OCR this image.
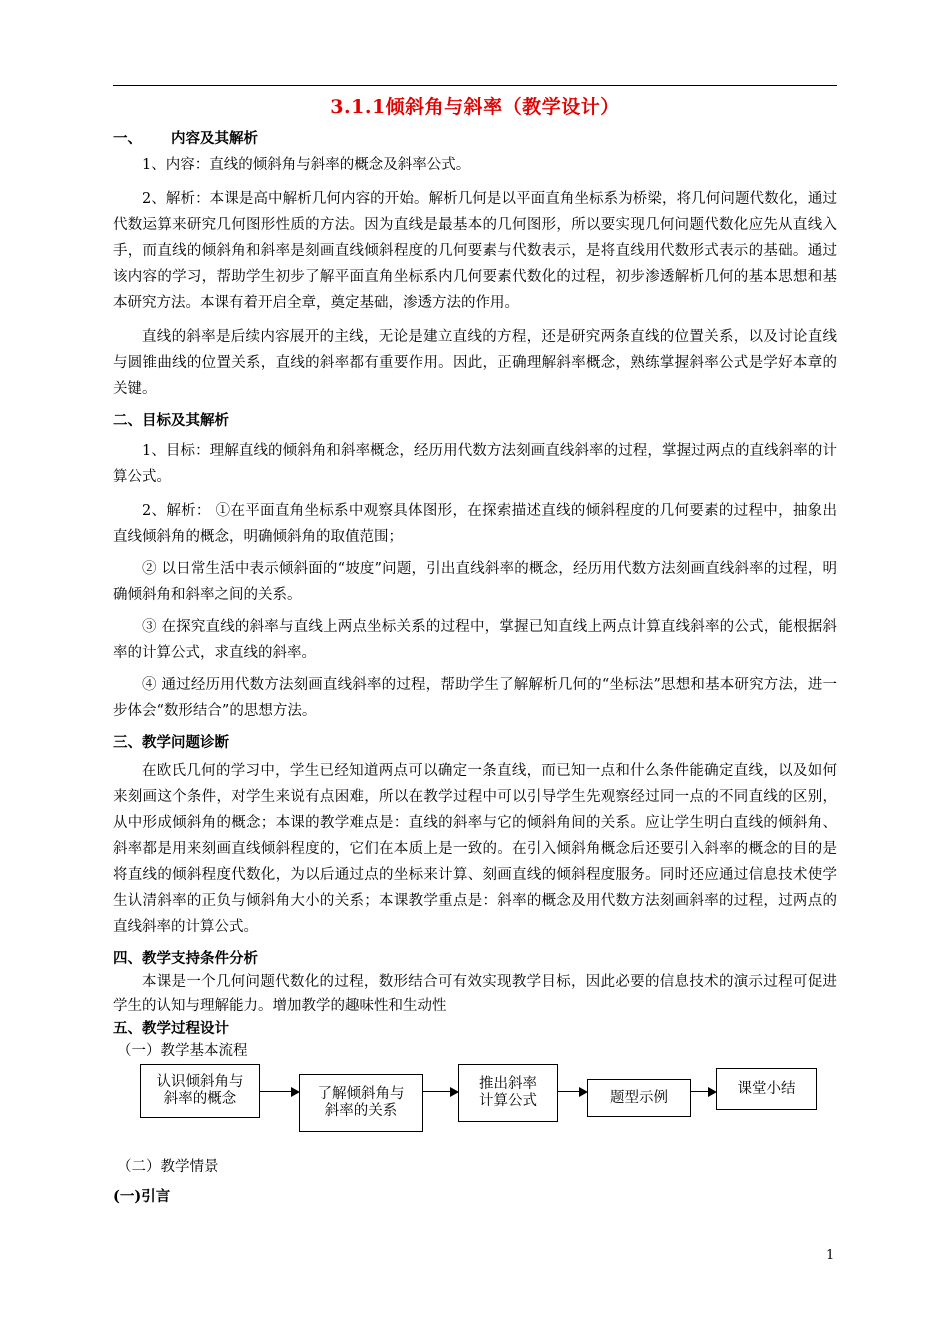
3.1.1倾斜角与斜率（教学设计）
一、	内容及其解析

1、内容：直线的倾斜角与斜率的概念及斜率公式。

2、解析：本课是高中解析几何内容的开始。解析几何是以平面直角坐标系为桥梁，将几何问题代数化，通过代数运算来研究几何图形性质的方法。因为直线是最基本的几何图形，所以要实现几何问题代数化应先从直线入手，而直线的倾斜角和斜率是刻画直线倾斜程度的几何要素与代数表示，是将直线用代数形式表示的基础。通过该内容的学习，帮助学生初步了解平面直角坐标系内几何要素代数化的过程，初步渗透解析几何的基本思想和基本研究方法。本课有着开启全章，奠定基础，渗透方法的作用。

直线的斜率是后续内容展开的主线，无论是建立直线的方程，还是研究两条直线的位置关系，以及讨论直线与圆锥曲线的位置关系，直线的斜率都有重要作用。因此，正确理解斜率概念，熟练掌握斜率公式是学好本章的关键。

二、目标及其解析

1、目标：理解直线的倾斜角和斜率概念，经历用代数方法刻画直线斜率的过程，掌握过两点的直线斜率的计算公式。

2、解析： ①在平面直角坐标系中观察具体图形，在探索描述直线的倾斜程度的几何要素的过程中，抽象出直线倾斜角的概念，明确倾斜角的取值范围；

② 以日常生活中表示倾斜面的“坡度”问题，引出直线斜率的概念，经历用代数方法刻画直线斜率的过程，明确倾斜角和斜率之间的关系。

③ 在探究直线的斜率与直线上两点坐标关系的过程中，掌握已知直线上两点计算直线斜率的公式，能根据斜率的计算公式，求直线的斜率。

④ 通过经历用代数方法刻画直线斜率的过程，帮助学生了解解析几何的“坐标法”思想和基本研究方法，进一步体会“数形结合”的思想方法。

三、教学问题诊断

在欧氏几何的学习中，学生已经知道两点可以确定一条直线，而已知一点和什么条件能确定直线，以及如何来刻画这个条件，对学生来说有点困难，所以在教学过程中可以引导学生先观察经过同一点的不同直线的区别，从中形成倾斜角的概念；本课的教学难点是：直线的斜率与它的倾斜角间的关系。应让学生明白直线的倾斜角、斜率都是用来刻画直线倾斜程度的，它们在本质上是一致的。在引入倾斜角概念后还要引入斜率的概念的目的是将直线的倾斜程度代数化，为以后通过点的坐标来计算、刻画直线的倾斜程度服务。同时还应通过信息技术使学生认清斜率的正负与倾斜角大小的关系；本课教学重点是：斜率的概念及用代数方法刻画斜率的过程，过两点的直线斜率的计算公式。

四、教学支持条件分析

本课是一个几何问题代数化的过程，数形结合可有效实现教学目标，因此必要的信息技术的演示过程可促进学生的认知与理解能力。增加教学的趣味性和生动性

五、教学过程设计

（一）教学基本流程

认识倾斜角与
斜率的概念	了解倾斜角与
斜率的关系
推出斜率
计算公式	题型示例
课堂小结

（二）教学情景

(一)引言

1
